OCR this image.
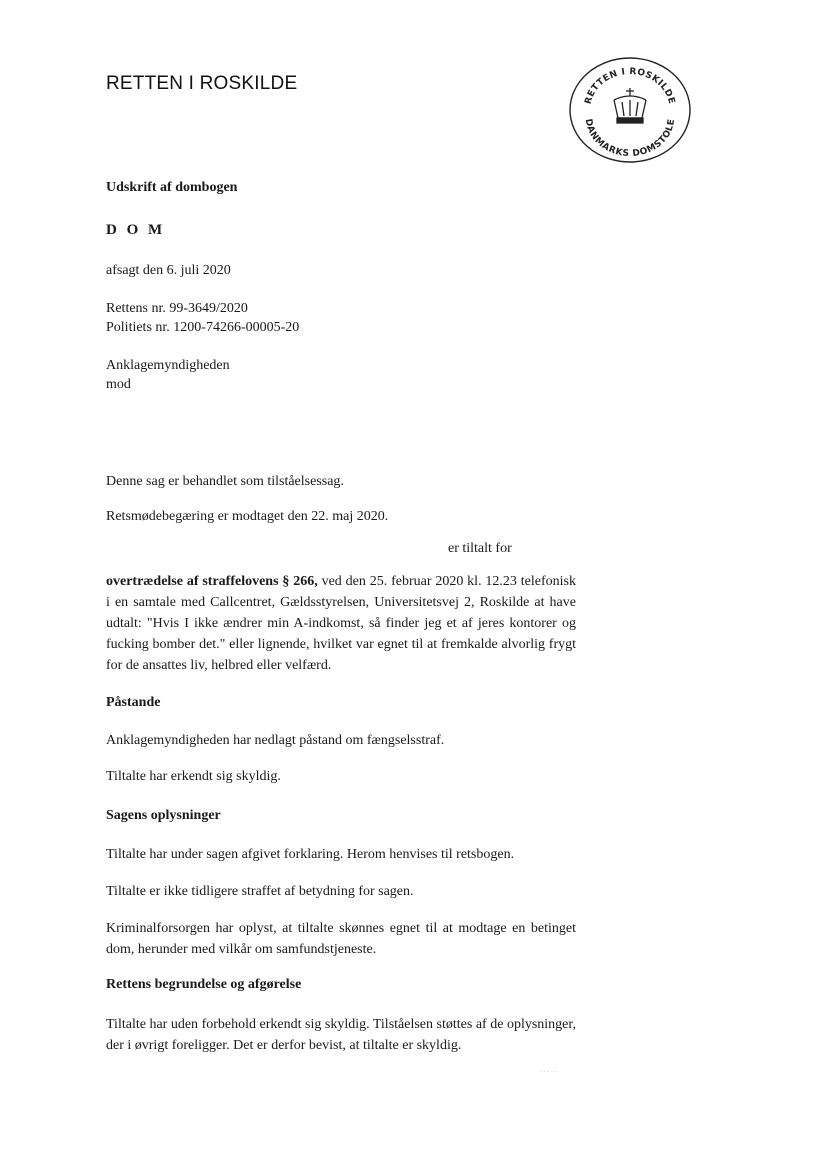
RETTEN I ROSKILDE
RETTEN I ROSKILDE
DANMARKS DOMSTOLE
Udskrift af dombogen
D O M
afsagt den 6. juli 2020
Rettens nr. 99-3649/2020
Politiets nr. 1200-74266-00005-20
Anklagemyndigheden
mod
Denne sag er behandlet som tilståelsessag.
Retsmødebegæring er modtaget den 22. maj 2020.
er tiltalt for
overtrædelse af straffelovens § 266, ved den 25. februar 2020 kl. 12.23 telefonisk i en samtale med Callcentret, Gældsstyrelsen, Universitetsvej 2, Roskilde at have udtalt: "Hvis I ikke ændrer min A-indkomst, så finder jeg et af jeres kontorer og fucking bomber det." eller lignende, hvilket var egnet til at fremkalde alvorlig frygt for de ansattes liv, helbred eller velfærd.
Påstande
Anklagemyndigheden har nedlagt påstand om fængselsstraf.
Tiltalte har erkendt sig skyldig.
Sagens oplysninger
Tiltalte har under sagen afgivet forklaring. Herom henvises til retsbogen.
Tiltalte er ikke tidligere straffet af betydning for sagen.
Kriminalforsorgen har oplyst, at tiltalte skønnes egnet til at modtage en betinget dom, herunder med vilkår om samfundstjeneste.
Rettens begrundelse og afgørelse
Tiltalte har uden forbehold erkendt sig skyldig. Tilståelsen støttes af de oplysninger, der i øvrigt foreligger. Det er derfor bevist, at tiltalte er skyldig.
· · · · ·
